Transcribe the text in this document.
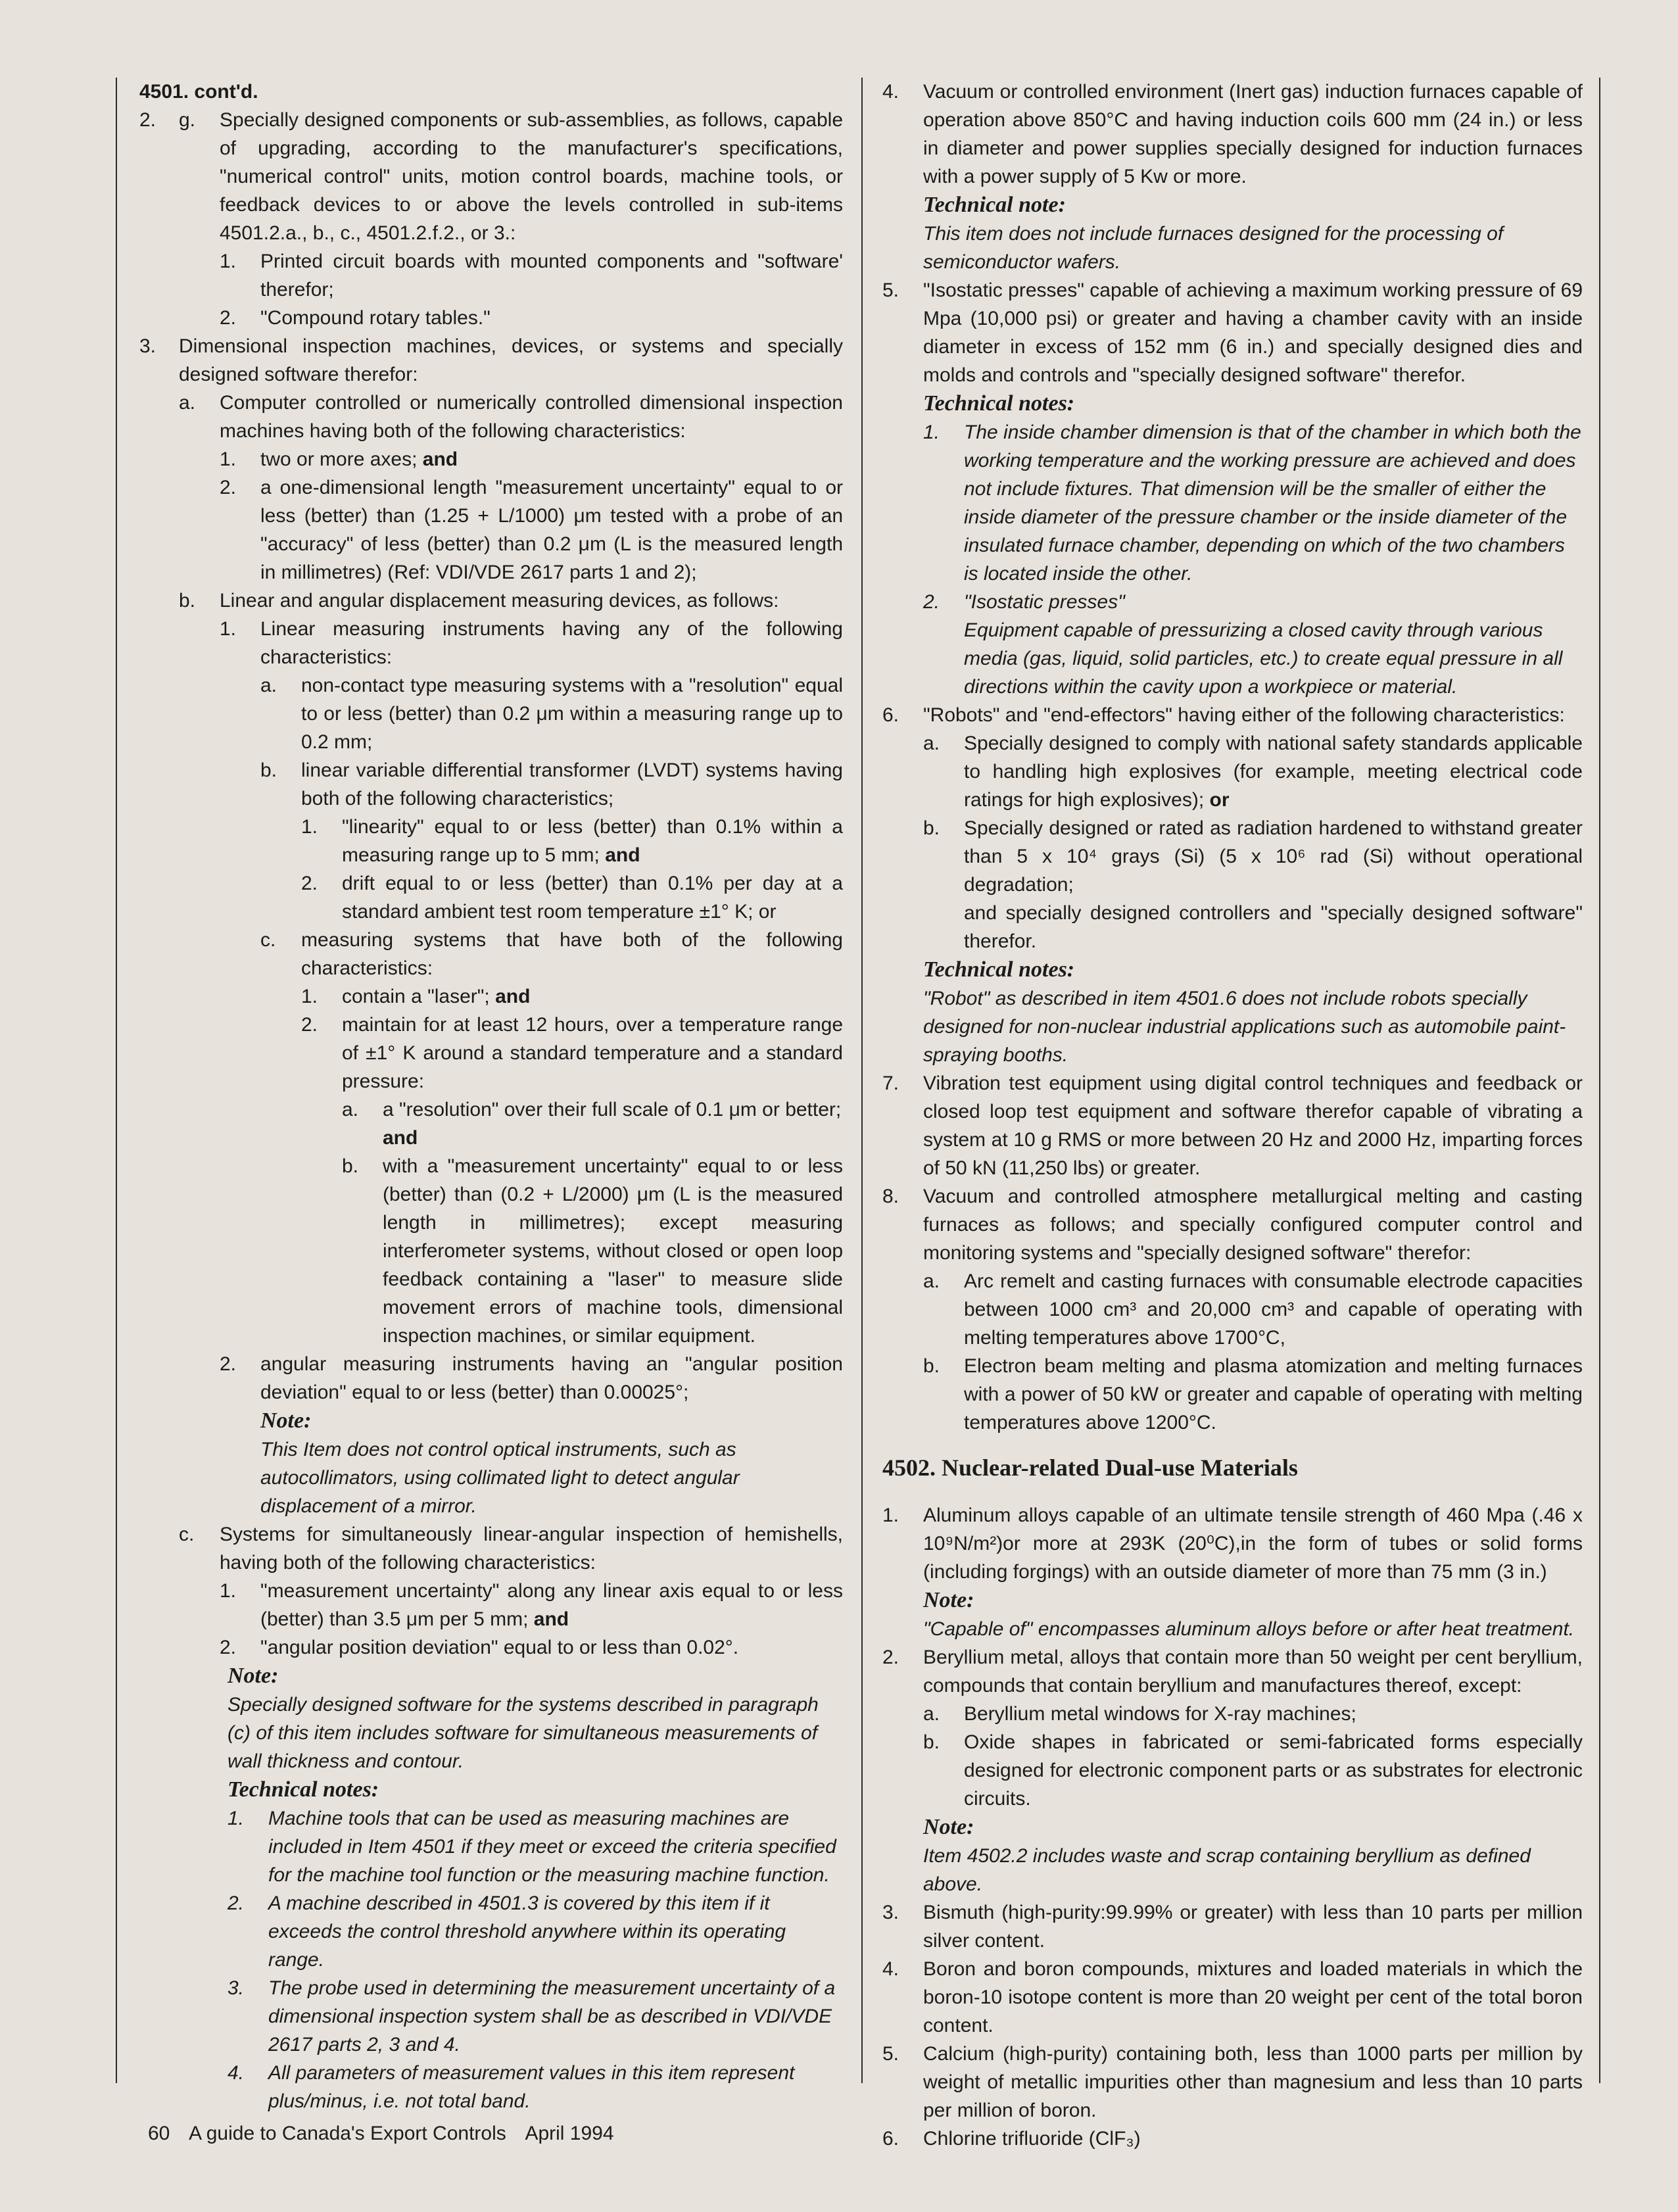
4501. cont'd.
2.	g.	Specially designed components or sub-assemblies, as follows, capable of upgrading, according to the manufacturer's specifications, "numerical control" units, motion control boards, machine tools, or feedback devices to or above the levels controlled in sub-items 4501.2.a., b., c., 4501.2.f.2., or 3.:
1.	Printed circuit boards with mounted components and "software' therefor;
2.	"Compound rotary tables."
3.	Dimensional inspection machines, devices, or systems and specially designed software therefor:
a.	Computer controlled or numerically controlled dimensional inspection machines having both of the following characteristics:
1.	two or more axes; and
2.	a one-dimensional length "measurement uncertainty" equal to or less (better) than (1.25 + L/1000) μm tested with a probe of an "accuracy" of less (better) than 0.2 μm (L is the measured length in millimetres) (Ref: VDI/VDE 2617 parts 1 and 2);
b.	Linear and angular displacement measuring devices, as follows:
1.	Linear measuring instruments having any of the following characteristics:
a.	non-contact type measuring systems with a "resolution" equal to or less (better) than 0.2 μm within a measuring range up to 0.2 mm;
b.	linear variable differential transformer (LVDT) systems having both of the following characteristics;
1.	"linearity" equal to or less (better) than 0.1% within a measuring range up to 5 mm; and
2.	drift equal to or less (better) than 0.1% per day at a standard ambient test room temperature ±1° K; or
c.	measuring systems that have both of the following characteristics:
1.	contain a "laser"; and
2.	maintain for at least 12 hours, over a temperature range of ±1° K around a standard temperature and a standard pressure:
a.	a "resolution" over their full scale of 0.1 μm or better;
and
b.	with a "measurement uncertainty" equal to or less (better) than (0.2 + L/2000) μm (L is the measured length in millimetres); except measuring interferometer systems, without closed or open loop feedback containing a "laser" to measure slide movement errors of machine tools, dimensional inspection machines, or similar equipment.
2.	angular measuring instruments having an "angular position deviation" equal to or less (better) than 0.00025°;
Note:
This Item does not control optical instruments, such as autocollimators, using collimated light to detect angular displacement of a mirror.
c.	Systems for simultaneously linear-angular inspection of hemishells, having both of the following characteristics:
1.	"measurement uncertainty" along any linear axis equal to or less (better) than 3.5 μm per 5 mm; and
2.	"angular position deviation" equal to or less than 0.02°.
Note:
Specially designed software for the systems described in paragraph (c) of this item includes software for simultaneous measurements of wall thickness and contour.
Technical notes:
1.	Machine tools that can be used as measuring machines are included in Item 4501 if they meet or exceed the criteria specified for the machine tool function or the measuring machine function.
2.	A machine described in 4501.3 is covered by this item if it exceeds the control threshold anywhere within its operating range.
3.	The probe used in determining the measurement uncertainty of a dimensional inspection system shall be as described in VDI/VDE 2617 parts 2, 3 and 4.
4.	All parameters of measurement values in this item represent plus/minus, i.e. not total band.
4.	Vacuum or controlled environment (Inert gas) induction furnaces capable of operation above 850°C and having induction coils 600 mm (24 in.) or less in diameter and power supplies specially designed for induction furnaces with a power supply of 5 Kw or more.
Technical note:
This item does not include furnaces designed for the processing of semiconductor wafers.
5.	"Isostatic presses" capable of achieving a maximum working pressure of 69 Mpa (10,000 psi) or greater and having a chamber cavity with an inside diameter in excess of 152 mm (6 in.) and specially designed dies and molds and controls and "specially designed software" therefor.
Technical notes:
1.	The inside chamber dimension is that of the chamber in which both the working temperature and the working pressure are achieved and does not include fixtures. That dimension will be the smaller of either the inside diameter of the pressure chamber or the inside diameter of the insulated furnace chamber, depending on which of the two chambers is located inside the other.
2.	"Isostatic presses"
Equipment capable of pressurizing a closed cavity through various media (gas, liquid, solid particles, etc.) to create equal pressure in all directions within the cavity upon a workpiece or material.
6.	"Robots" and "end-effectors" having either of the following characteristics:
a.	Specially designed to comply with national safety standards applicable to handling high explosives (for example, meeting electrical code ratings for high explosives); or
b.	Specially designed or rated as radiation hardened to withstand greater than 5 x 10⁴ grays (Si) (5 x 10⁶ rad (Si) without operational degradation;
and specially designed controllers and "specially designed software" therefor.
Technical notes:
"Robot" as described in item 4501.6 does not include robots specially designed for non-nuclear industrial applications such as automobile paint-spraying booths.
7.	Vibration test equipment using digital control techniques and feedback or closed loop test equipment and software therefor capable of vibrating a system at 10 g RMS or more between 20 Hz and 2000 Hz, imparting forces of 50 kN (11,250 lbs) or greater.
8.	Vacuum and controlled atmosphere metallurgical melting and casting furnaces as follows; and specially configured computer control and monitoring systems and "specially designed software" therefor:
a.	Arc remelt and casting furnaces with consumable electrode capacities between 1000 cm³ and 20,000 cm³ and capable of operating with melting temperatures above 1700°C,
b.	Electron beam melting and plasma atomization and melting furnaces with a power of 50 kW or greater and capable of operating with melting temperatures above 1200°C.
4502. Nuclear-related Dual-use Materials
1.	Aluminum alloys capable of an ultimate tensile strength of 460 Mpa (.46 x 10⁹N/m²)or more at 293K (20⁰C),in the form of tubes or solid forms (including forgings) with an outside diameter of more than 75 mm (3 in.)
Note:
"Capable of" encompasses aluminum alloys before or after heat treatment.
2.	Beryllium metal, alloys that contain more than 50 weight per cent beryllium, compounds that contain beryllium and manufactures thereof, except:
a.	Beryllium metal windows for X-ray machines;
b.	Oxide shapes in fabricated or semi-fabricated forms especially designed for electronic component parts or as substrates for electronic circuits.
Note:
Item 4502.2 includes waste and scrap containing beryllium as defined above.
3.	Bismuth (high-purity:99.99% or greater) with less than 10 parts per million silver content.
4.	Boron and boron compounds, mixtures and loaded materials in which the boron-10 isotope content is more than 20 weight per cent of the total boron content.
5.	Calcium (high-purity) containing both, less than 1000 parts per million by weight of metallic impurities other than magnesium and less than 10 parts per million of boron.
6.	Chlorine trifluoride (ClF₃)
60 A guide to Canada's Export Controls April 1994
